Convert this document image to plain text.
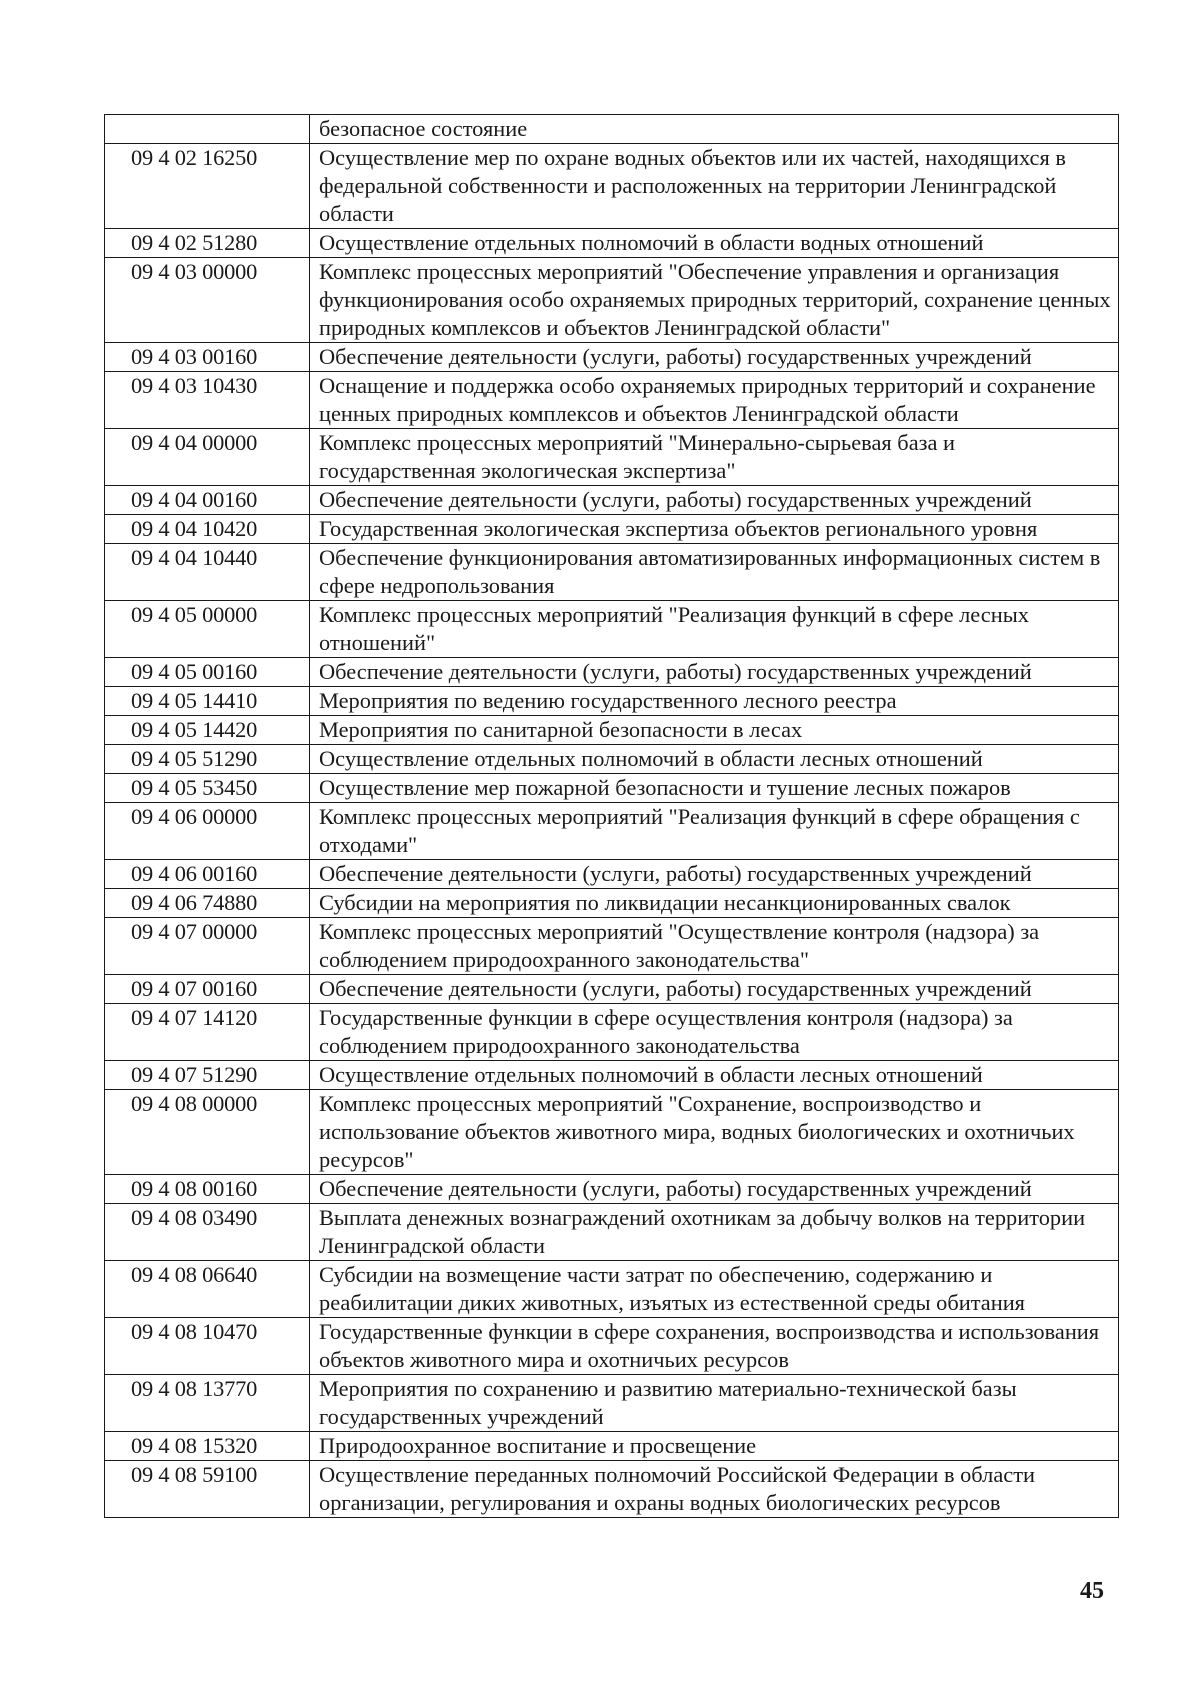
	безопасное состояние
09 4 02 16250	Осуществление мер по охране водных объектов или их частей, находящихся в федеральной собственности и расположенных на территории Ленинградской области
09 4 02 51280	Осуществление отдельных полномочий в области водных отношений
09 4 03 00000	Комплекс процессных мероприятий "Обеспечение управления и организация функционирования особо охраняемых природных территорий, сохранение ценных природных комплексов и объектов Ленинградской области"
09 4 03 00160	Обеспечение деятельности (услуги, работы) государственных учреждений
09 4 03 10430	Оснащение и поддержка особо охраняемых природных территорий и сохранение ценных природных комплексов и объектов Ленинградской области
09 4 04 00000	Комплекс процессных мероприятий "Минерально-сырьевая база и государственная экологическая экспертиза"
09 4 04 00160	Обеспечение деятельности (услуги, работы) государственных учреждений
09 4 04 10420	Государственная экологическая экспертиза объектов регионального уровня
09 4 04 10440	Обеспечение функционирования автоматизированных информационных систем в сфере недропользования
09 4 05 00000	Комплекс процессных мероприятий "Реализация функций в сфере лесных отношений"
09 4 05 00160	Обеспечение деятельности (услуги, работы) государственных учреждений
09 4 05 14410	Мероприятия по ведению государственного лесного реестра
09 4 05 14420	Мероприятия по санитарной безопасности в лесах
09 4 05 51290	Осуществление отдельных полномочий в области лесных отношений
09 4 05 53450	Осуществление мер пожарной безопасности и тушение лесных пожаров
09 4 06 00000	Комплекс процессных мероприятий "Реализация функций в сфере обращения с отходами"
09 4 06 00160	Обеспечение деятельности (услуги, работы) государственных учреждений
09 4 06 74880	Субсидии на мероприятия по ликвидации несанкционированных свалок
09 4 07 00000	Комплекс процессных мероприятий "Осуществление контроля (надзора) за соблюдением природоохранного законодательства"
09 4 07 00160	Обеспечение деятельности (услуги, работы) государственных учреждений
09 4 07 14120	Государственные функции в сфере осуществления контроля (надзора) за соблюдением природоохранного законодательства
09 4 07 51290	Осуществление отдельных полномочий в области лесных отношений
09 4 08 00000	Комплекс процессных мероприятий "Сохранение, воспроизводство и использование объектов животного мира, водных биологических и охотничьих ресурсов"
09 4 08 00160	Обеспечение деятельности (услуги, работы) государственных учреждений
09 4 08 03490	Выплата денежных вознаграждений охотникам за добычу волков на территории Ленинградской области
09 4 08 06640	Субсидии на возмещение части затрат по обеспечению, содержанию и реабилитации диких животных, изъятых из естественной среды обитания
09 4 08 10470	Государственные функции в сфере сохранения, воспроизводства и использования объектов животного мира и охотничьих ресурсов
09 4 08 13770	Мероприятия по сохранению и развитию материально-технической базы государственных учреждений
09 4 08 15320	Природоохранное воспитание и просвещение
09 4 08 59100	Осуществление переданных полномочий Российской Федерации в области организации, регулирования и охраны водных биологических ресурсов
45
